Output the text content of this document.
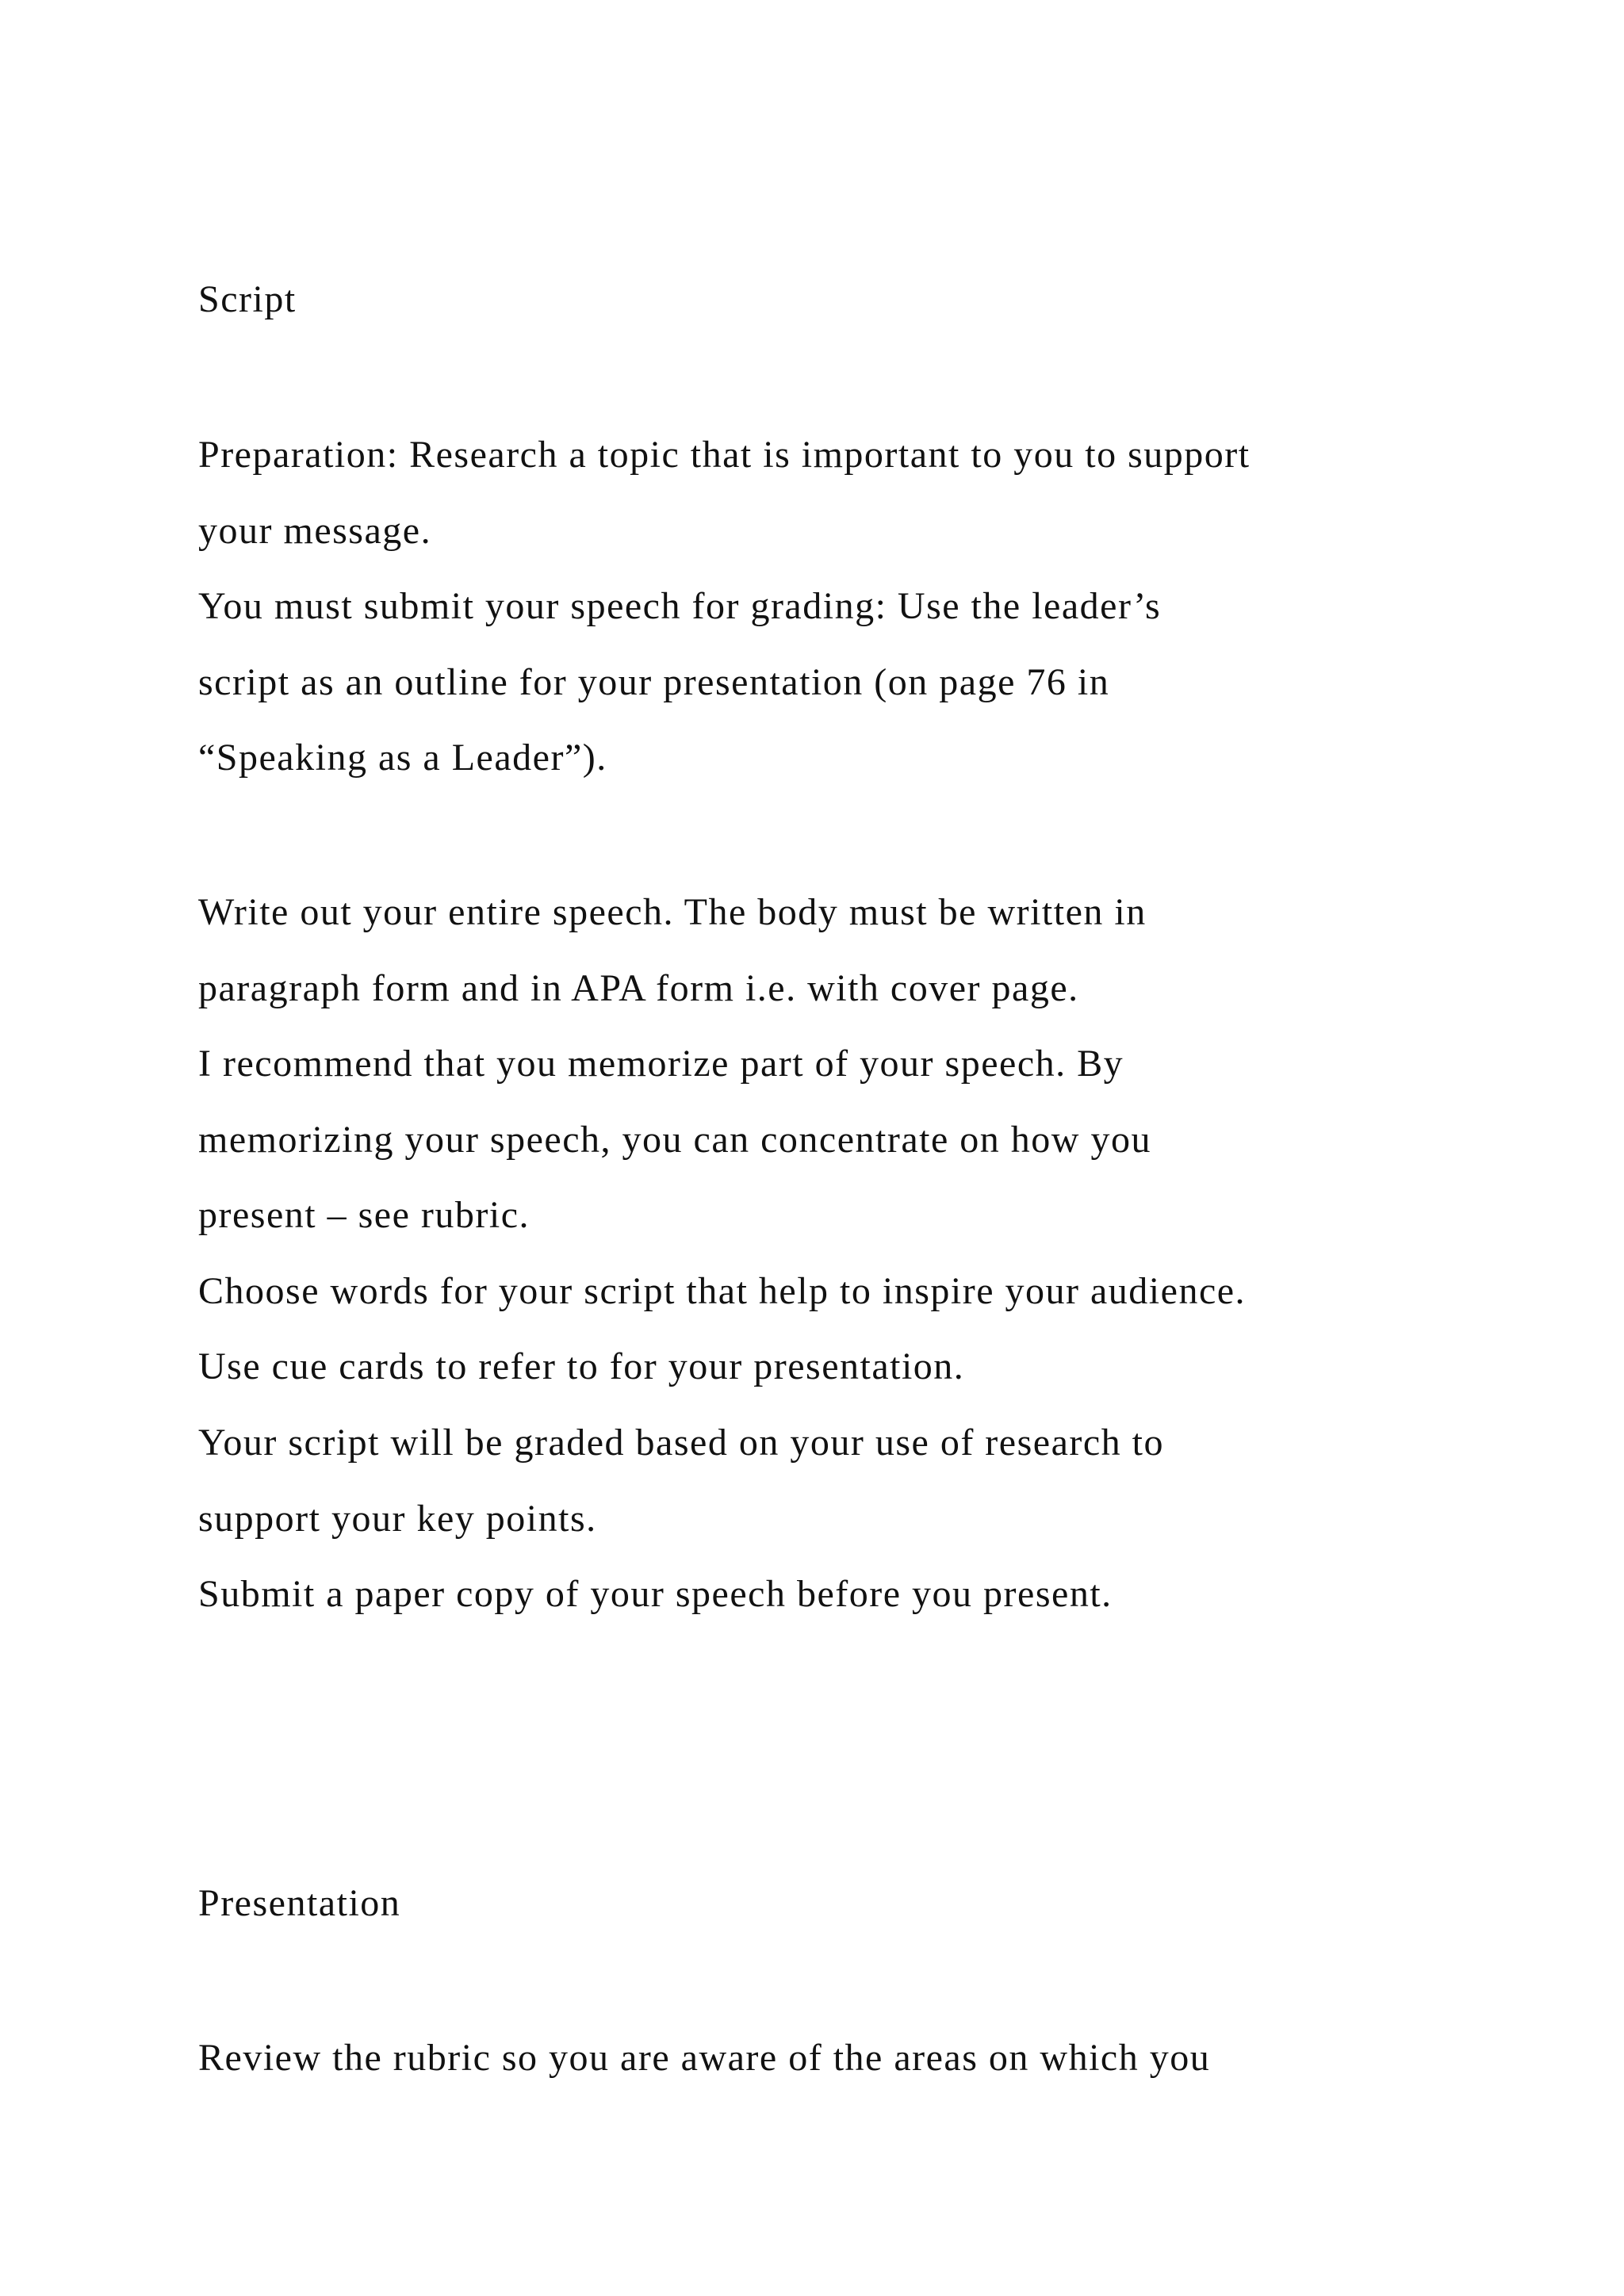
Script
Preparation: Research a topic that is important to you to support
your message.
You must submit your speech for grading: Use the leader’s
script as an outline for your presentation (on page 76 in
“Speaking as a Leader”).
Write out your entire speech. The body must be written in
paragraph form and in APA form i.e. with cover page.
I recommend that you memorize part of your speech. By
memorizing your speech, you can concentrate on how you
present – see rubric.
Choose words for your script that help to inspire your audience.
Use cue cards to refer to for your presentation.
Your script will be graded based on your use of research to
support your key points.
Submit a paper copy of your speech before you present.
Presentation
Review the rubric so you are aware of the areas on which you
